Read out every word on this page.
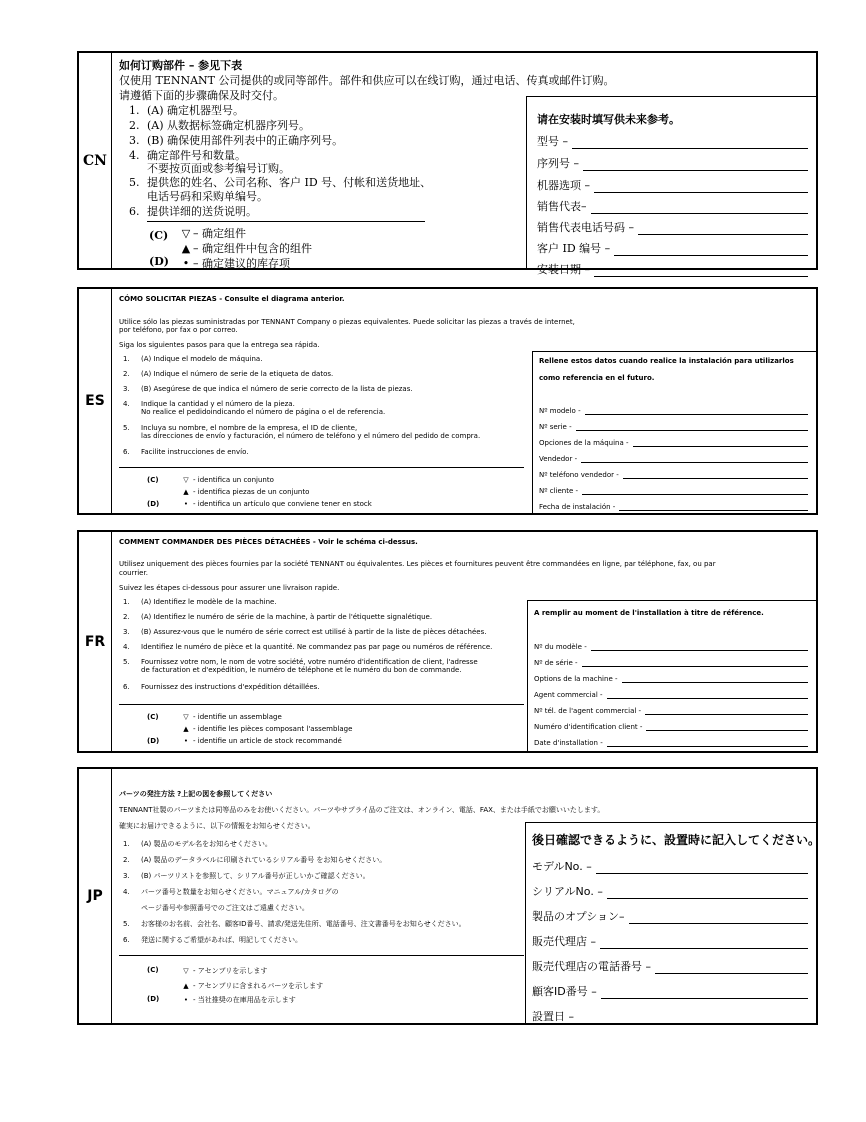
CN
如何订购部件 – 参见下表
仅使用 TENNANT 公司提供的或同等部件。部件和供应可以在线订购，通过电话、传真或邮件订购。
请遵循下面的步骤确保及时交付。
1. (A) 确定机器型号。
2. (A) 从数据标签确定机器序列号。
3. (B) 确保使用部件列表中的正确序列号。
4. 确定部件号和数量。
不要按页面或参考编号订购。
5. 提供您的姓名、公司名称、客户 ID 号、付帐和送货地址、
电话号码和采购单编号。
6. 提供详细的送货说明。
(C) ▽ – 确定组件
▲ – 确定组件中包含的组件
(D)	• – 确定建议的库存项
请在安装时填写供未来参考。
型号 –
序列号 –
机器选项 –
销售代表–
销售代表电话号码 –
客户 ID 编号 –
安装日期 –
ES
CÓMO SOLICITAR PIEZAS - Consulte el diagrama anterior.
Utilice sólo las piezas suministradas por TENNANT Company o piezas equivalentes. Puede solicitar las piezas a través de internet,
por teléfono, por fax o por correo.
Siga los siguientes pasos para que la entrega sea rápida.
1. (A) Indique el modelo de máquina.
2. (A) Indique el número de serie de la etiqueta de datos.
3. (B) Asegúrese de que indica el número de serie correcto de la lista de piezas.
4. Indique la cantidad y el número de la pieza.
No realice el pedidoindicando el número de página o el de referencia.
5. Incluya su nombre, el nombre de la empresa, el ID de cliente,
las direcciones de envío y facturación, el número de teléfono y el número del pedido de compra.
6. Facilite instrucciones de envío.
(C)	▽ - identifica un conjunto
▲ - identifica piezas de un conjunto
(D)	• - identifica un artículo que conviene tener en stock
Rellene estos datos cuando realice la instalación para utilizarlos
como referencia en el futuro.
Nº modelo -
Nº serie -
Opciones de la máquina -
Vendedor -
Nº teléfono vendedor -
Nº cliente -
Fecha de instalación -
FR
COMMENT COMMANDER DES PIÈCES DÉTACHÉES - Voir le schéma ci-dessus.
Utilisez uniquement des pièces fournies par la société TENNANT ou équivalentes. Les pièces et fournitures peuvent être commandées en ligne, par téléphone, fax, ou par
courrier.
Suivez les étapes ci-dessous pour assurer une livraison rapide.
1. (A) Identifiez le modèle de la machine.
2. (A) Identifiez le numéro de série de la machine, à partir de l'étiquette signalétique.
3. (B) Assurez-vous que le numéro de série correct est utilisé à partir de la liste de pièces détachées.
4. Identifiez le numéro de pièce et la quantité. Ne commandez pas par page ou numéros de référence.
5. Fournissez votre nom, le nom de votre société, votre numéro d'identification de client, l'adresse
de facturation et d'expédition, le numéro de téléphone et le numéro du bon de commande.
6. Fournissez des instructions d'expédition détaillées.
(C)	▽ - identifie un assemblage
▲ - identifie les pièces composant l'assemblage
(D)	• - identifie un article de stock recommandé
A remplir au moment de l'installation à titre de référence.
Nº du modèle -
Nº de série -
Options de la machine -
Agent commercial -
Nº tél. de l'agent commercial -
Numéro d'identification client -
Date d'installation -
JP
パーツの発注方法 ?上記の図を参照してください
TENNANT社製のパーツまたは同等品のみをお使いください。パーツやサプライ品のご注文は、オンライン、電話、FAX、または手紙でお願いいたします。
確実にお届けできるように、以下の情報をお知らせください。
1. (A) 製品のモデル名をお知らせください。
2. (A) 製品のデータラベルに印刷されているシリアル番号 をお知らせください。
3. (B) パーツリストを参照して、シリアル番号が正しいかご確認ください。
4. パーツ番号と数量をお知らせください。マニュアル/カタログの
ページ番号や参照番号でのご注文はご遠慮ください。
5. お客様のお名前、会社名、顧客ID番号、請求/発送先住所、電話番号、注文書番号をお知らせください。
6. 発送に関するご希望があれば、明記してください。
(C)	▽ - アセンブリを示します
▲ - アセンブリに含まれるパーツを示します
(D)	• - 当社推奨の在庫用品を示します
後日確認できるように、設置時に記入してください。
モデルNo. –
シリアルNo. –
製品のオプション–
販売代理店 –
販売代理店の電話番号 –
顧客ID番号 –
設置日 –
